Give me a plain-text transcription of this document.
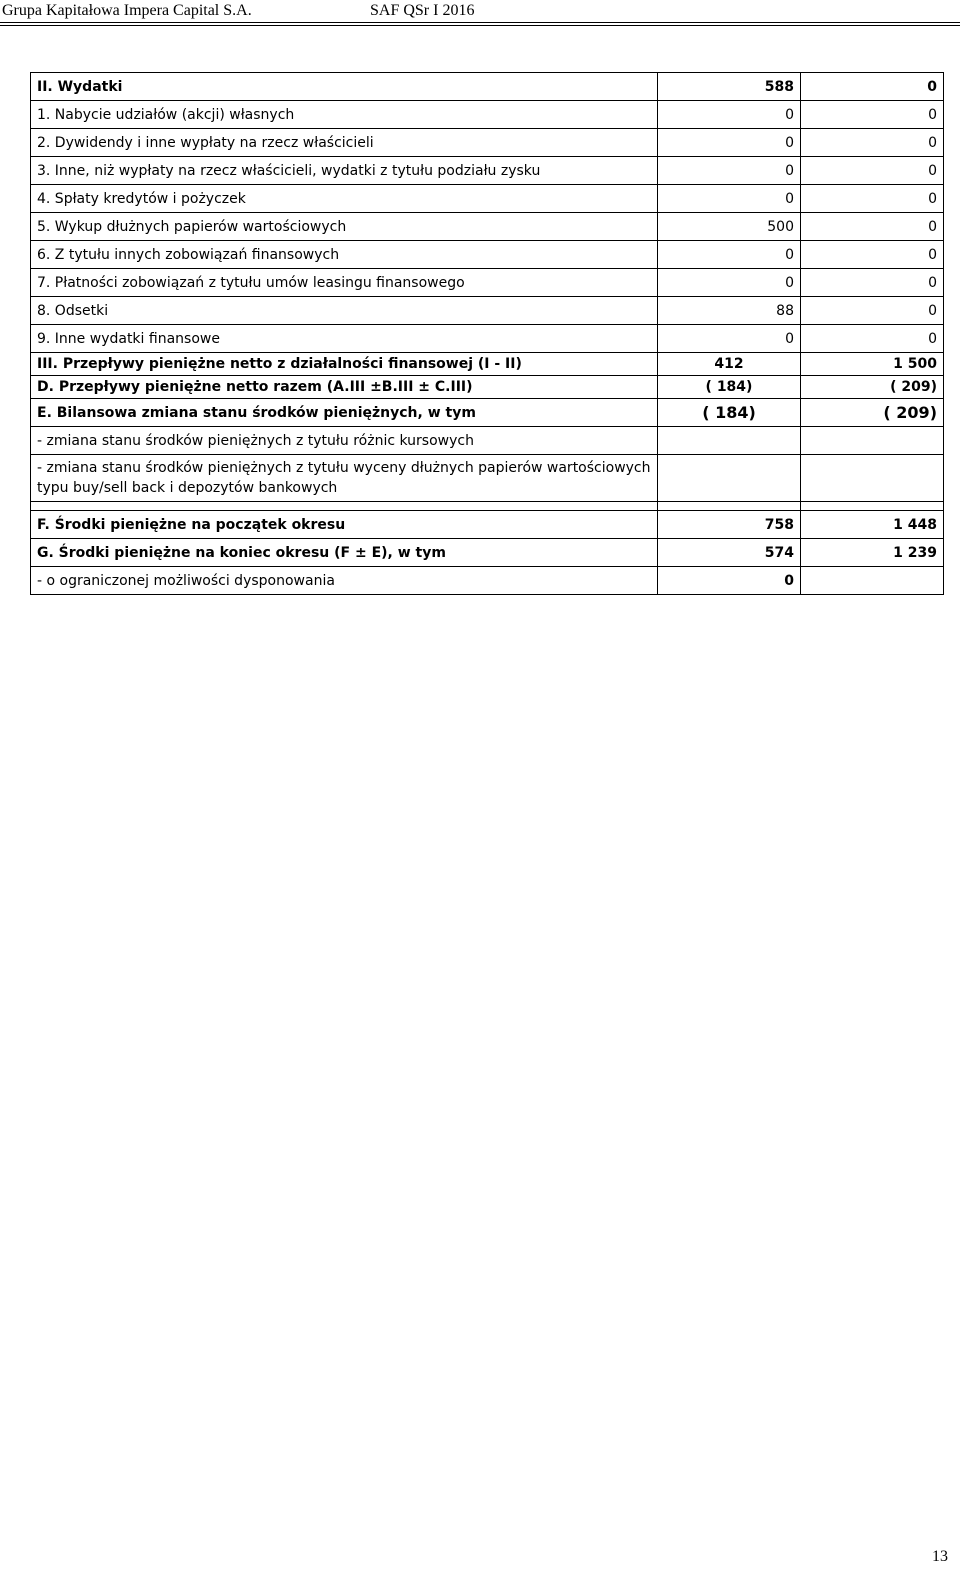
Grupa Kapitałowa Impera Capital S.A.	SAF QSr I 2016
II. Wydatki	588	0
1. Nabycie udziałów (akcji) własnych	0	0
2. Dywidendy i inne wypłaty na rzecz właścicieli	0	0
3. Inne, niż wypłaty na rzecz właścicieli, wydatki z tytułu podziału zysku	0	0
4. Spłaty kredytów i pożyczek	0	0
5. Wykup dłużnych papierów wartościowych	500	0
6. Z tytułu innych zobowiązań finansowych	0	0
7. Płatności zobowiązań z tytułu umów leasingu finansowego	0	0
8. Odsetki	88	0
9. Inne wydatki finansowe	0	0
III. Przepływy pieniężne netto z działalności finansowej (I - II)	412	1 500
D. Przepływy pieniężne netto razem (A.III ±B.III ± C.III)	( 184)	( 209)
E. Bilansowa zmiana stanu środków pieniężnych, w tym	( 184)	( 209)
- zmiana stanu środków pieniężnych z tytułu różnic kursowych		
- zmiana stanu środków pieniężnych z tytułu wyceny dłużnych papierów wartościowych typu buy/sell back i depozytów bankowych		

F. Środki pieniężne na początek okresu	758	1 448
G. Środki pieniężne na koniec okresu (F ± E), w tym	574	1 239
- o ograniczonej możliwości dysponowania	0	
13
